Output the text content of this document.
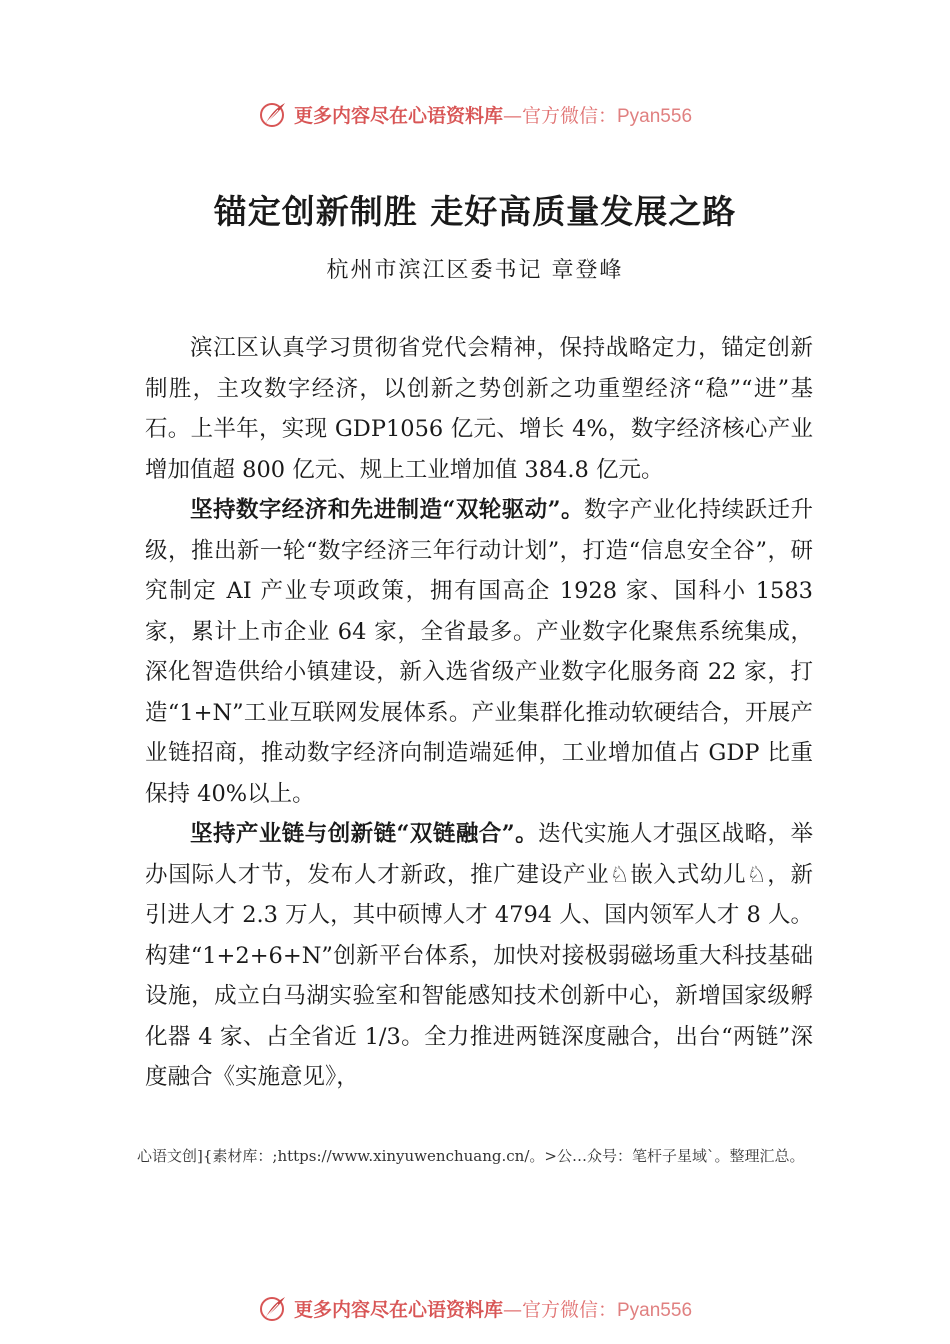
更多内容尽在心语资料库—官方微信：Pyan556
锚定创新制胜 走好高质量发展之路
杭州市滨江区委书记 章登峰

滨江区认真学习贯彻省党代会精神，保持战略定力，锚定创新制胜，主攻数字经济，以创新之势创新之功重塑经济“稳”“进”基石。上半年，实现 GDP1056 亿元、增长 4%，数字经济核心产业增加值超 800 亿元、规上工业增加值 384.8 亿元。

坚持数字经济和先进制造“双轮驱动”。数字产业化持续跃迁升级，推出新一轮“数字经济三年行动计划”，打造“信息安全谷”，研究制定 AI 产业专项政策，拥有国高企 1928 家、国科小 1583 家，累计上市企业 64 家，全省最多。产业数字化聚焦系统集成，深化智造供给小镇建设，新入选省级产业数字化服务商 22 家，打造“1+N”工业互联网发展体系。产业集群化推动软硬结合，开展产业链招商，推动数字经济向制造端延伸，工业增加值占 GDP 比重保持 40%以上。

坚持产业链与创新链“双链融合”。迭代实施人才强区战略，举办国际人才节，发布人才新政，推广建设产业♘嵌入式幼儿♘，新引进人才 2.3 万人，其中硕博人才 4794 人、国内领军人才 8 人。构建“1+2+6+N”创新平台体系，加快对接极弱磁场重大科技基础设施，成立白马湖实验室和智能感知技术创新中心，新增国家级孵化器 4 家、占全省近 1/3。全力推进两链深度融合，出台“两链”深度融合《实施意见》，

心语文创]{素材库：;https://www.xinyuwenchuang.cn/。>公…众号：笔杆子星域`。整理汇总。
更多内容尽在心语资料库—官方微信：Pyan556
